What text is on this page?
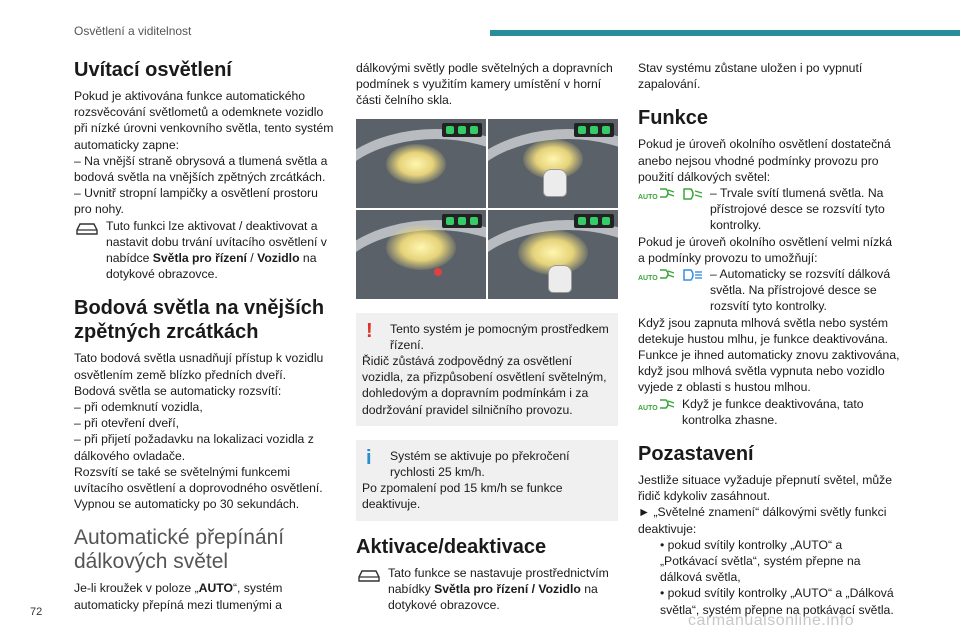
Osvětlení a viditelnost
Uvítací osvětlení

Pokud je aktivována funkce automatického rozsvěcování světlometů a odemknete vozidlo při nízké úrovni venkovního světla, tento systém automaticky zapne:

– Na vnější straně obrysová a tlumená světla a bodová světla na vnějších zpětných zrcátkách.

– Uvnitř stropní lampičky a osvětlení prostoru pro nohy.

Tuto funkci lze aktivovat / deaktivovat a nastavit dobu trvání uvítacího osvětlení v nabídce Světla pro řízení / Vozidlo na dotykové obrazovce.

Bodová světla na vnějších zpětných zrcátkách

Tato bodová světla usnadňují přístup k vozidlu osvětlením země blízko předních dveří.

Bodová světla se automaticky rozsvítí:

– při odemknutí vozidla,

– při otevření dveří,

– při přijetí požadavku na lokalizaci vozidla z dálkového ovladače.

Rozsvítí se také se světelnými funkcemi uvítacího osvětlení a doprovodného osvětlení.

Vypnou se automaticky po 30 sekundách.

Automatické přepínání dálkových světel

Je-li kroužek v poloze „AUTO“, systém automaticky přepíná mezi tlumenými a

dálkovými světly podle světelných a dopravních podmínek s využitím kamery umístění v horní části čelního skla.

! Tento systém je pomocným prostředkem řízení.

Řidič zůstává zodpovědný za osvětlení vozidla, za přizpůsobení osvětlení světelným, dohledovým a dopravním podmínkám i za dodržování pravidel silničního provozu.

i Systém se aktivuje po překročení rychlosti 25 km/h.

Po zpomalení pod 15 km/h se funkce deaktivuje.

Aktivace/deaktivace

Tato funkce se nastavuje prostřednictvím nabídky Světla pro řízení / Vozidlo na dotykové obrazovce.

Stav systému zůstane uložen i po vypnutí zapalování.

Funkce

Pokud je úroveň okolního osvětlení dostatečná anebo nejsou vhodné podmínky provozu pro použití dálkových světel:

AUTO	– Trvale svítí tlumená světla. Na přístrojové desce se rozsvítí tyto kontrolky.

Pokud je úroveň okolního osvětlení velmi nízká a podmínky provozu to umožňují:

AUTO	– Automaticky se rozsvítí dálková světla. Na přístrojové desce se rozsvítí tyto kontrolky.

Když jsou zapnuta mlhová světla nebo systém detekuje hustou mlhu, je funkce deaktivována.

Funkce je ihned automaticky znovu zaktivována, když jsou mlhová světla vypnuta nebo vozidlo vyjede z oblasti s hustou mlhou.

AUTO	Když je funkce deaktivována, tato kontrolka zhasne.

Pozastavení

Jestliže situace vyžaduje přepnutí světel, může řidič kdykoliv zasáhnout.

► „Světelné znamení“ dálkovými světly funkci deaktivuje:

• pokud svítily kontrolky „AUTO“ a „Potkávací světla“, systém přepne na dálková světla,

• pokud svítily kontrolky „AUTO“ a „Dálková světla“, systém přepne na potkávací světla.

72	carmanualsonline.info
